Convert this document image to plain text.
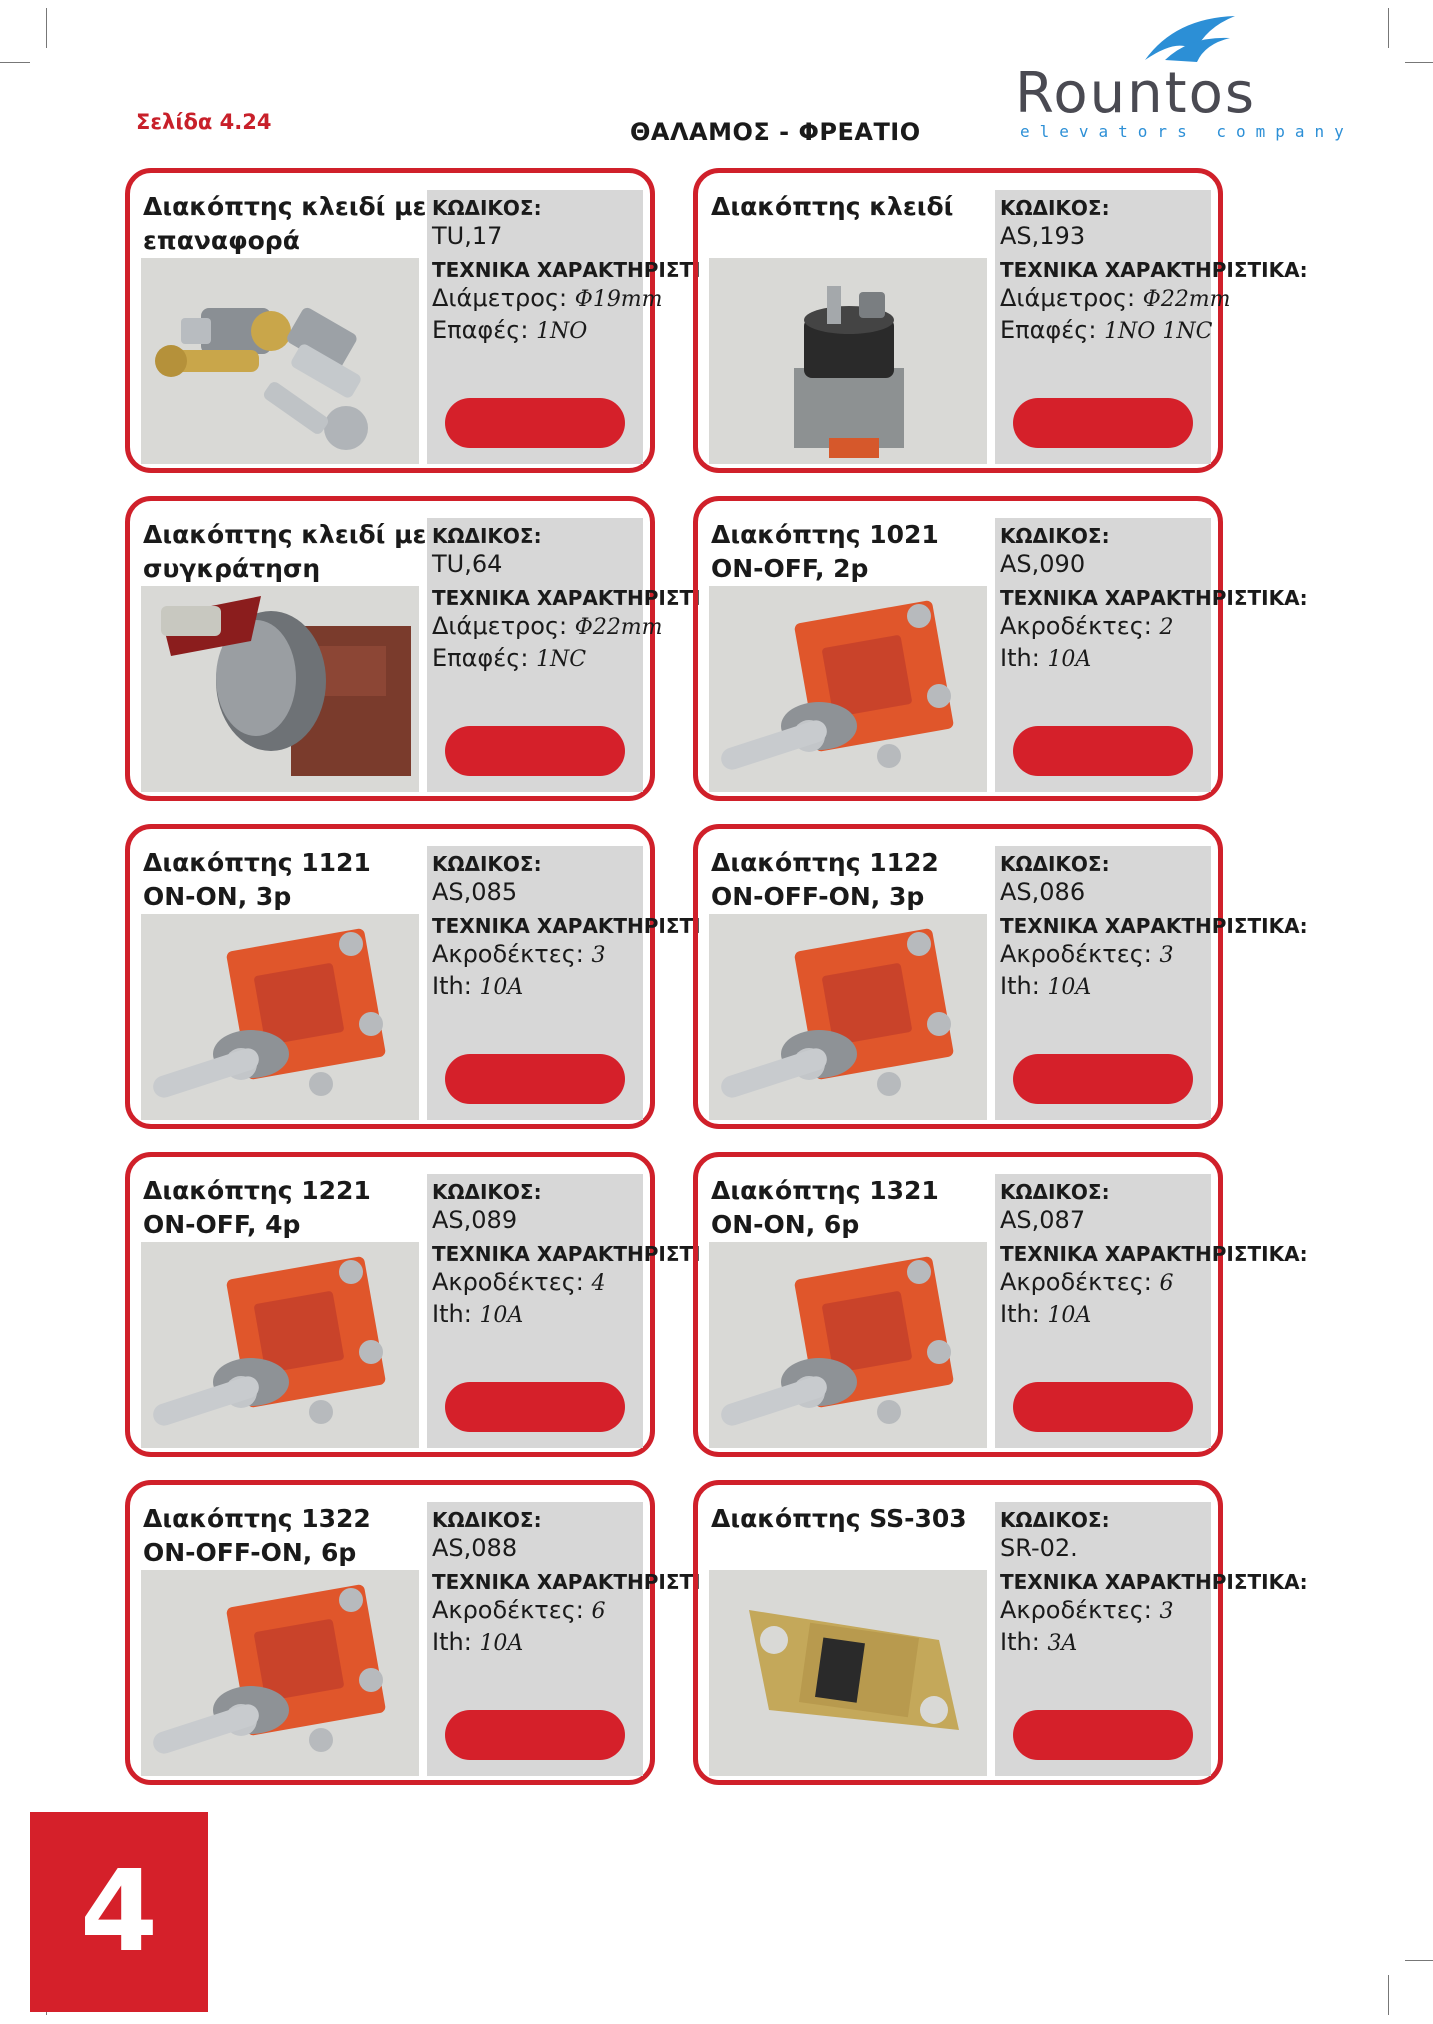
Σελίδα 4.24	ΘΑΛΑΜΟΣ - ΦΡΕΑΤΙΟ
Rountos
elevators company
Διακόπτης κλειδί με
επαναφορά
ΚΩΔΙΚΟΣ:
TU,17
ΤΕΧΝΙΚΑ ΧΑΡΑΚΤΗΡΙΣΤΙ
Διάμετρος: Φ19mm
Επαφές: 1NO
Διακόπτης κλειδί ΚΩΔΙΚΟΣ:
AS,193
ΤΕΧΝΙΚΑ ΧΑΡΑΚΤΗΡΙΣΤΙΚΑ:
Διάμετρος: Φ22mm
Επαφές: 1NO 1NC
Διακόπτης κλειδί με
συγκράτηση
ΚΩΔΙΚΟΣ:
TU,64
ΤΕΧΝΙΚΑ ΧΑΡΑΚΤΗΡΙΣΤΙ
Διάμετρος: Φ22mm
Επαφές: 1NC
Διακόπτης 1021
ON-OFF, 2p
ΚΩΔΙΚΟΣ:
AS,090
ΤΕΧΝΙΚΑ ΧΑΡΑΚΤΗΡΙΣΤΙΚΑ:
Ακροδέκτες: 2
Ith: 10A
Διακόπτης 1121
ON-ON, 3p
ΚΩΔΙΚΟΣ:
AS,085
ΤΕΧΝΙΚΑ ΧΑΡΑΚΤΗΡΙΣΤΙ
Ακροδέκτες: 3
Ith: 10A
Διακόπτης 1122
ON-OFF-ON, 3p
ΚΩΔΙΚΟΣ:
AS,086
ΤΕΧΝΙΚΑ ΧΑΡΑΚΤΗΡΙΣΤΙΚΑ:
Ακροδέκτες: 3
Ith: 10A
Διακόπτης 1221
ON-OFF, 4p
ΚΩΔΙΚΟΣ:
AS,089
ΤΕΧΝΙΚΑ ΧΑΡΑΚΤΗΡΙΣΤΙ
Ακροδέκτες: 4
Ith: 10A
Διακόπτης 1321
ON-ON, 6p
ΚΩΔΙΚΟΣ:
AS,087
ΤΕΧΝΙΚΑ ΧΑΡΑΚΤΗΡΙΣΤΙΚΑ:
Ακροδέκτες: 6
Ith: 10A
Διακόπτης 1322
ON-OFF-ON, 6p
ΚΩΔΙΚΟΣ:
AS,088
ΤΕΧΝΙΚΑ ΧΑΡΑΚΤΗΡΙΣΤΙ
Ακροδέκτες: 6
Ith: 10A
Διακόπτης SS-303 ΚΩΔΙΚΟΣ:
SR-02.
ΤΕΧΝΙΚΑ ΧΑΡΑΚΤΗΡΙΣΤΙΚΑ:
Ακροδέκτες: 3
Ith: 3A
4
